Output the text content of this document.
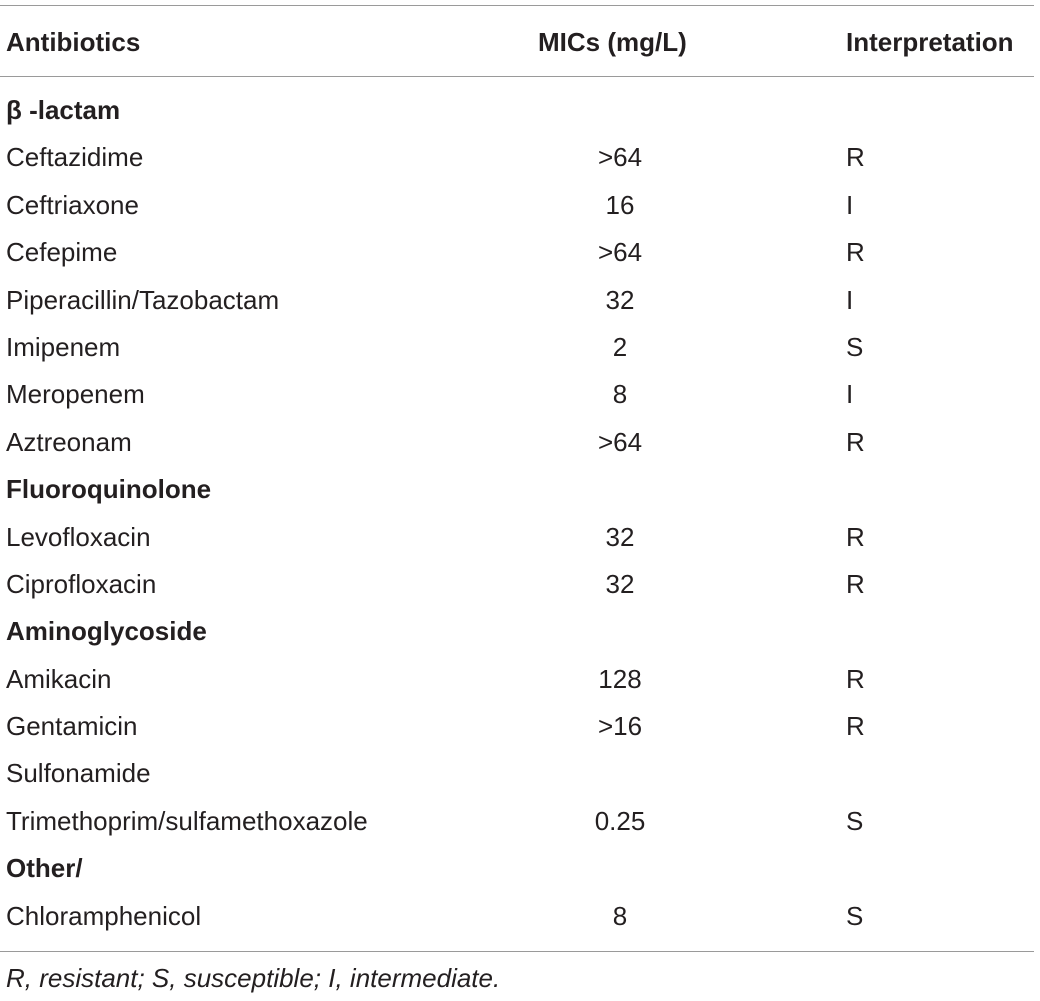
Antibiotics	MICs (mg/L)	Interpretation
β -lactam
Ceftazidime	>64	R
Ceftriaxone	16	I
Cefepime	>64	R
Piperacillin/Tazobactam	32	I
Imipenem	2	S
Meropenem	8	I
Aztreonam	>64	R
Fluoroquinolone
Levofloxacin	32	R
Ciprofloxacin	32	R
Aminoglycoside
Amikacin	128	R
Gentamicin	>16	R
Sulfonamide
Trimethoprim/sulfamethoxazole	0.25	S
Other/
Chloramphenicol	8	S
R, resistant; S, susceptible; I, intermediate.
